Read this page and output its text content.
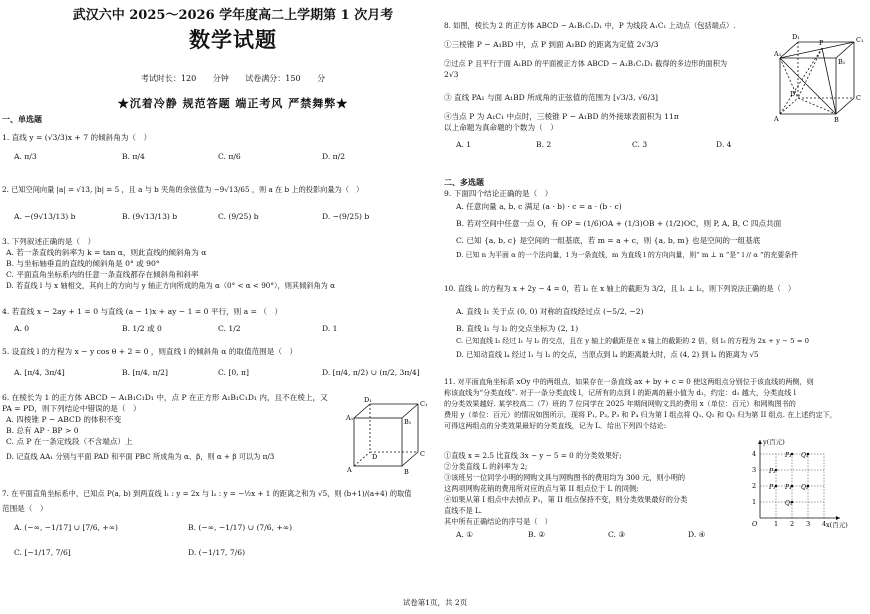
武汉六中 2025～2026 学年度高二上学期第 1 次月考
数学试题
考试时长：120 分钟 试卷满分：150 分
★沉着冷静 规范答题 端正考风 严禁舞弊★
一、单选题
1. 直线 y = (√3/3)x + 7 的倾斜角为（　）
A. π/3	B. π/4	C. π/6	D. π/2
2. 已知空间向量 |a| = √13, |b| = 5 ，且 a 与 b 夹角的余弦值为 −9√13/65 ，则 a 在 b 上的投影向量为（　）
A. −(9√13/13) b	B. (9√13/13) b	C. (9/25) b	D. −(9/25) b
3. 下列叙述正确的是（　）
A. 若一条直线的斜率为 k = tan α，则此直线的倾斜角为 α
B. 与坐标轴垂直的直线的倾斜角是 0° 或 90°
C. 平面直角坐标系内的任意一条直线都存在倾斜角和斜率
D. 若直线 l 与 x 轴相交，其向上的方向与 y 轴正方向所成的角为 α（0° < α < 90°），则其倾斜角为 α
4. 若直线 x − 2ay + 1 = 0 与直线 (a − 1)x + ay − 1 = 0 平行，则 a = （　）
A. 0	B. 1/2 或 0	C. 1/2	D. 1
5. 设直线 l 的方程为 x − y cos θ + 2 = 0 ，则直线 l 的倾斜角 α 的取值范围是（　）
A. [π/4, 3π/4]	B. [π/4, π/2]	C. [0, π]	D. [π/4, π/2) ∪ (π/2, 3π/4]
6. 在棱长为 1 的正方体 ABCD − A₁B₁C₁D₁ 中，点 P 在正方形 A₁B₁C₁D₁ 内，且不在棱上，又
PA = PD，则下列结论中错误的是（　）
A. 四棱锥 P − ABCD 的体积不变
B. 总有 AP · BP > 0
C. 点 P 在一条定线段（不含端点）上
D. 记直线 AA₁ 分别与平面 PAD 和平面 PBC 所成角为 α、β，则 α + β 可以为 π/3
A₁	B₁
C₁
D₁
A	B
C
D
7. 在平面直角坐标系中，已知点 P(a, b) 到两直线 l₁ : y = 2x 与 l₂ : y = −½x + 1 的距离之和为 √5，则 (b+1)/(a+4) 的取值
范围是（　）
A. (−∞, −1/17] ∪ [7/6, +∞)	B. (−∞, −1/17) ∪ (7/6, +∞)
C. [−1/17, 7/6]	D. (−1/17, 7/6)
8. 如图，棱长为 2 的正方体 ABCD − A₁B₁C₁D₁ 中，P 为线段 A₁C₁ 上动点（包括端点）.
①三棱锥 P − A₁BD 中，点 P 到面 A₁BD 的距离为定值 2√3/3
②过点 P 且平行于面 A₁BD 的平面被正方体 ABCD − A₁B₁C₁D₁ 截得的多边形的面积为
2√3
③ 直线 PA₁ 与面 A₁BD 所成角的正弦值的范围为 [√3/3, √6/3]
④当点 P 为 A₁C₁ 中点时，三棱锥 P − A₁BD 的外接球表面积为 11π
以上命题为真命题的个数为（　）
A. 1	B. 2	C. 3	D. 4
D₁
P	C₁
A₁
B₁
D	C
A	B
二、多选题
9. 下面四个结论正确的是（　）
A. 任意向量 a, b, c 满足 (a · b) · c = a · (b · c)
B. 若对空间中任意一点 O，有 OP = (1/6)OA + (1/3)OB + (1/2)OC，则 P, A, B, C 四点共面
C. 已知 {a, b, c} 是空间的一组基底，若 m = a + c，则 {a, b, m} 也是空间的一组基底
D. 已知 n 为平面 α 的一个法向量，l 为一条直线，m 为直线 l 的方向向量，则“ m ⊥ n ”是“ l // α ”的充要条件
10. 直线 l₁ 的方程为 x + 2y − 4 = 0，若 l₂ 在 x 轴上的截距为 3/2，且 l₁ ⊥ l₂，则下列说法正确的是（　）
A. 直线 l₁ 关于点 (0, 0) 对称的直线经过点 (−5/2, −2)
B. 直线 l₁ 与 l₂ 的交点坐标为 (2, 1)
C. 已知直线 l₃ 经过 l₁ 与 l₂ 的交点，且在 y 轴上的截距是在 x 轴上的截距的 2 倍，则 l₃ 的方程为 2x + y − 5 = 0
D. 已知动直线 l₄ 经过 l₁ 与 l₂ 的交点，当原点到 l₄ 的距离最大时，点 (4, 2) 到 l₄ 的距离为 √5
11. 对平面直角坐标系 xOy 中的两组点，如果存在一条直线 ax + by + c = 0 使这两组点分别位于该直线的两侧，则
称该直线为“分类直线”. 对于一条分类直线 l，记所有的点到 l 的距离的最小值为 d₁，约定：d₁ 越大，分类直线 l
的分类效果越好. 某学校高二（7）班的 7 位同学在 2025 年期间网购文具的费用 x（单位：百元）和网购图书的
费用 y（单位：百元）的情况如图所示，现将 P₁, P₂, P₃ 和 P₄ 归为第 I 组点将 Q₁, Q₂ 和 Q₃ 归为第 II 组点. 在上述约定下，
可得这两组点的分类效果最好的分类直线，记为 L．给出下列四个结论:
①直线 x = 2.5 比直线 3x − y − 5 = 0 的分类效果好;
②分类直线 L 的斜率为 2;
③该班另一位同学小明的网购文具与网购图书的费用均为 300 元，则小明的
这两项网购花销的费用所对应的点与第 II 组点位于 L 的同侧;
④如果从第 I 组点中去掉点 P₁，第 II 组点保持不变，则分类效果最好的分类
直线不是 L.
其中所有正确结论的序号是（　）
A. ①	B. ②	C. ③	D. ④
1 2 3 4
1
2
3
4
P₁
P₂
P₃
P₄
Q₁
Q₂
Q₃
y(百元)
x(百元)
O
试卷第1页，共 2页
